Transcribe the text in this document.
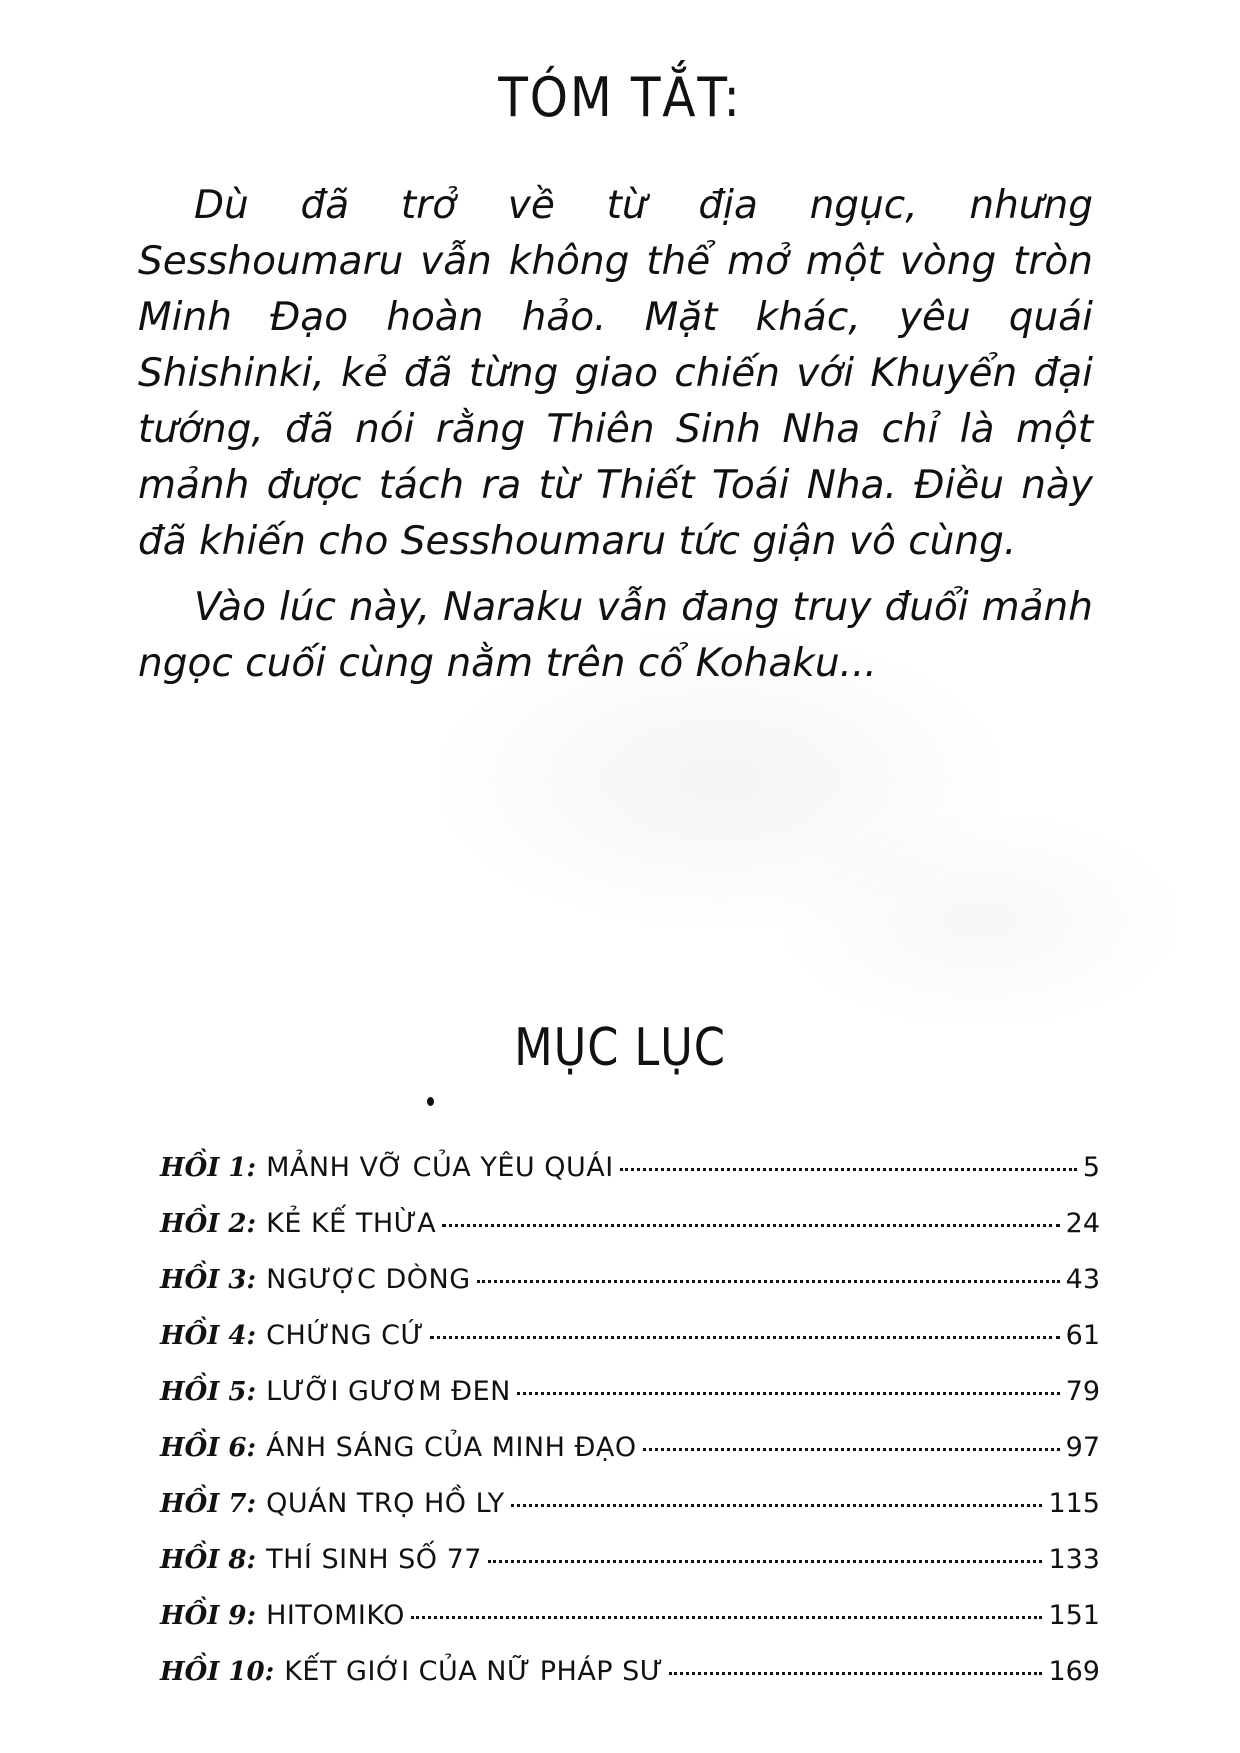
TÓM TẮT:

Dù đã trở về từ địa ngục, nhưng Sesshoumaru vẫn không thể mở một vòng tròn Minh Đạo hoàn hảo. Mặt khác, yêu quái Shishinki, kẻ đã từng giao chiến với Khuyển đại tướng, đã nói rằng Thiên Sinh Nha chỉ là một mảnh được tách ra từ Thiết Toái Nha. Điều này đã khiến cho Sesshoumaru tức giận vô cùng.

Vào lúc này, Naraku vẫn đang truy đuổi mảnh ngọc cuối cùng nằm trên cổ Kohaku...

MỤC LỤC
HỒI 1: MẢNH VỠ CỦA YÊU QUÁI	5
HỒI 2: KẺ KẾ THỪA	24
HỒI 3: NGƯỢC DÒNG	43
HỒI 4: CHỨNG CỨ	61
HỒI 5: LƯỠI GƯƠM ĐEN	79
HỒI 6: ÁNH SÁNG CỦA MINH ĐẠO	97
HỒI 7: QUÁN TRỌ HỒ LY	115
HỒI 8: THÍ SINH SỐ 77	133
HỒI 9: HITOMIKO	151
HỒI 10: KẾT GIỚI CỦA NỮ PHÁP SƯ	169
